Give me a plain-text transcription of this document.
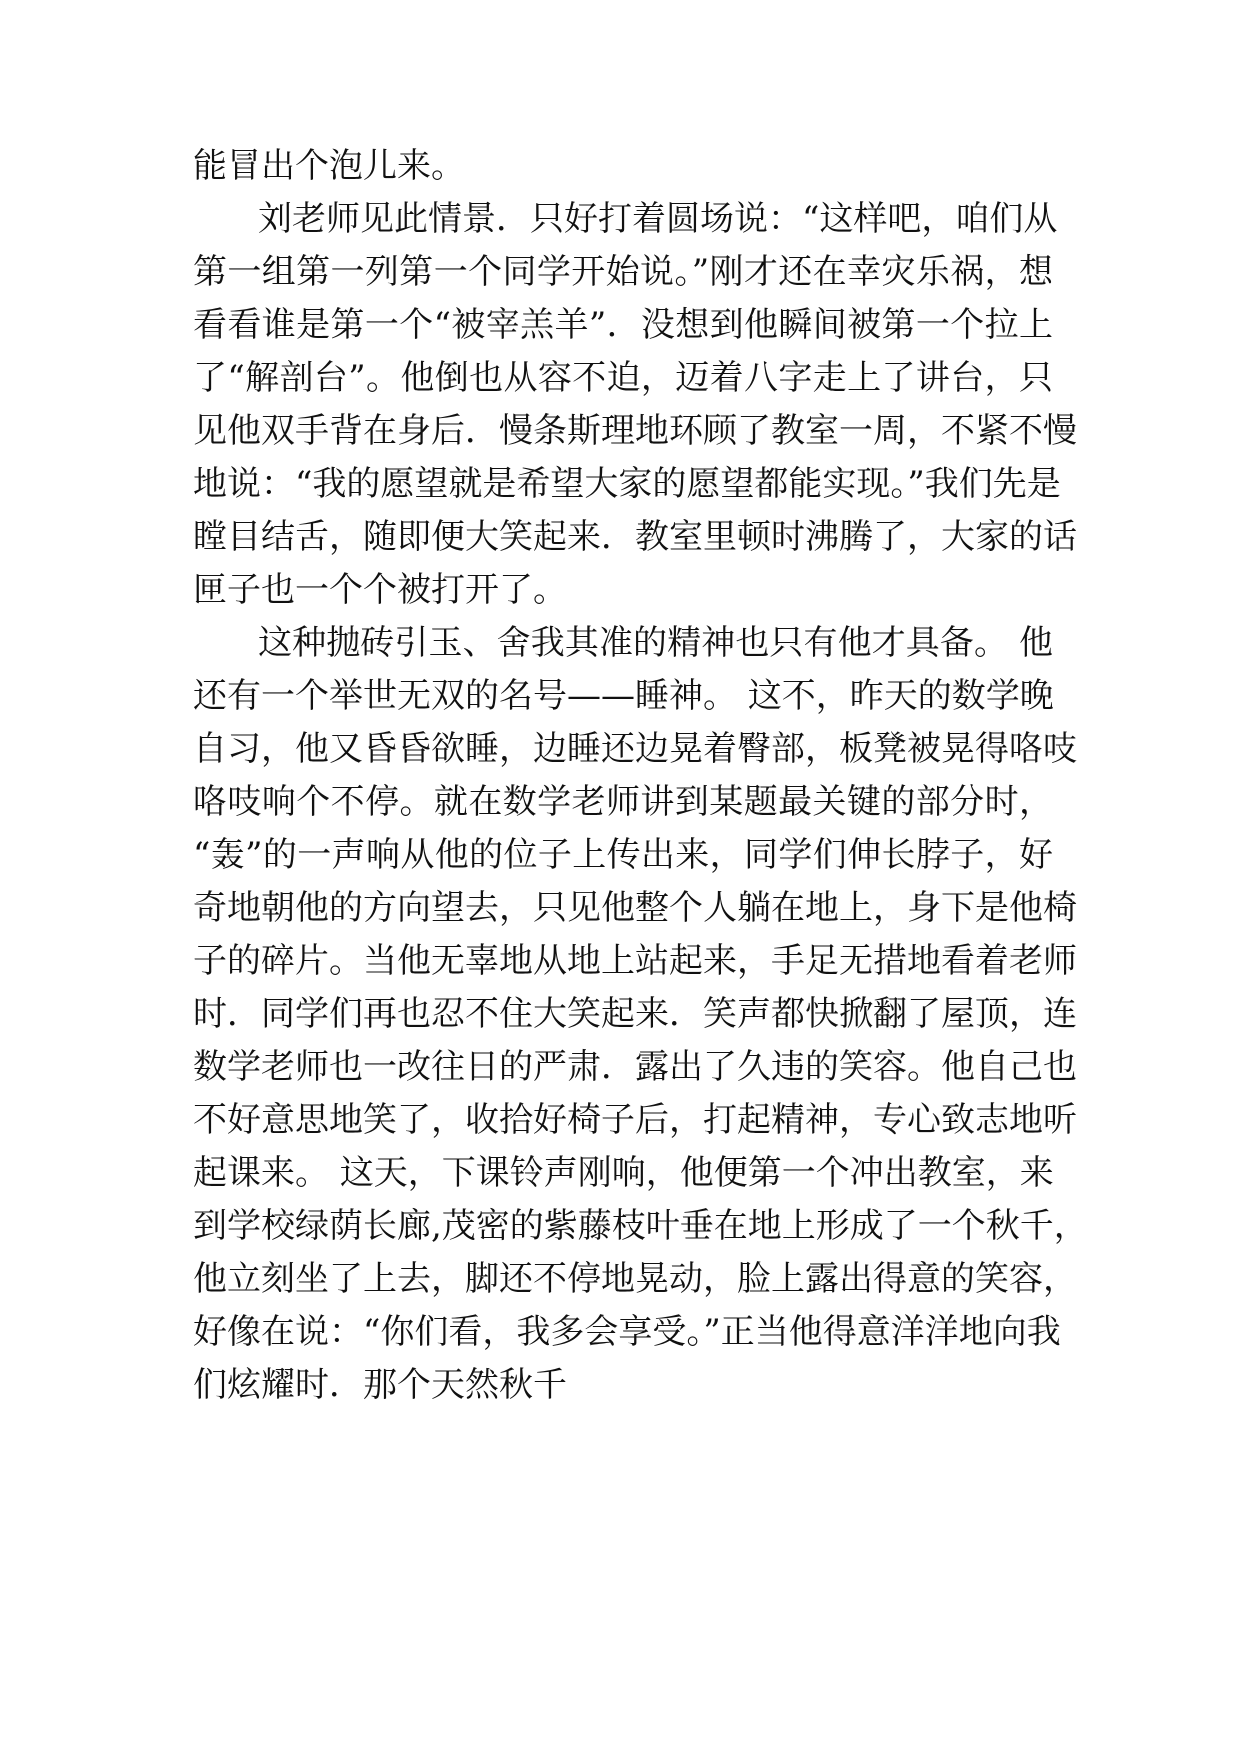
能冒出个泡儿来。
刘老师见此情景．只好打着圆场说：“这样吧，咱们从
第一组第一列第一个同学开始说。”刚才还在幸灾乐祸，想
看看谁是第一个“被宰羔羊”．没想到他瞬间被第一个拉上
了“解剖台”。他倒也从容不迫，迈着八字走上了讲台，只
见他双手背在身后．慢条斯理地环顾了教室一周，不紧不慢
地说：“我的愿望就是希望大家的愿望都能实现。”我们先是
瞠目结舌，随即便大笑起来．教室里顿时沸腾了，大家的话
匣子也一个个被打开了。
这种抛砖引玉、舍我其准的精神也只有他才具备。 他
还有一个举世无双的名号——睡神。 这不，昨天的数学晚
自习，他又昏昏欲睡，边睡还边晃着臀部，板凳被晃得咯吱
咯吱响个不停。就在数学老师讲到某题最关键的部分时，
“轰”的一声响从他的位子上传出来，同学们伸长脖子，好
奇地朝他的方向望去，只见他整个人躺在地上，身下是他椅
子的碎片。当他无辜地从地上站起来，手足无措地看着老师
时．同学们再也忍不住大笑起来．笑声都快掀翻了屋顶，连
数学老师也一改往日的严肃．露出了久违的笑容。他自己也
不好意思地笑了，收拾好椅子后，打起精神，专心致志地听
起课来。 这天，下课铃声刚响，他便第一个冲出教室，来
到学校绿荫长廊,茂密的紫藤枝叶垂在地上形成了一个秋千，
他立刻坐了上去，脚还不停地晃动，脸上露出得意的笑容，
好像在说：“你们看，我多会享受。”正当他得意洋洋地向我
们炫耀时．那个天然秋千
